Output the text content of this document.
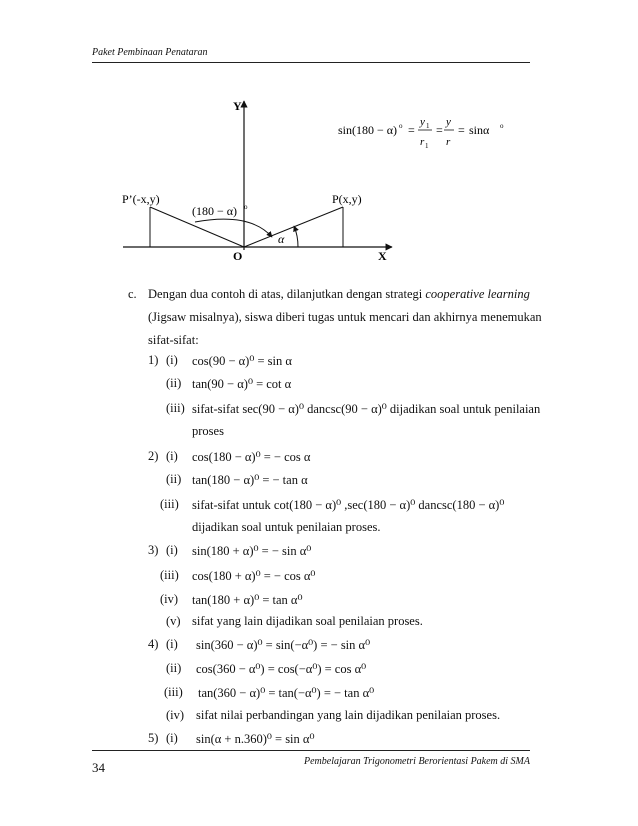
Paket Pembinaan Penataran
Y
X
O
P(x,y)
P’(-x,y)
α
(180 − α) o
sin(180 − α) o =
y 1
r 1
=
y
r
= sinα o
c. Dengan dua contoh di atas, dilanjutkan dengan strategi cooperative learning
(Jigsaw misalnya), siswa diberi tugas untuk mencari dan akhirnya menemukan
sifat-sifat:
1) (i) cos(90 − α)⁰ = sin α
(ii) tan(90 − α)⁰ = cot α
(iii) sifat-sifat sec(90 − α)⁰ dancsc(90 − α)⁰ dijadikan soal untuk penilaian
proses
2) (i) cos(180 − α)⁰ = − cos α
(ii) tan(180 − α)⁰ = − tan α
(iii) sifat-sifat untuk cot(180 − α)⁰ ,sec(180 − α)⁰ dancsc(180 − α)⁰
dijadikan soal untuk penilaian proses.
3) (i) sin(180 + α)⁰ = − sin α⁰
(iii) cos(180 + α)⁰ = − cos α⁰
(iv) tan(180 + α)⁰ = tan α⁰
(v) sifat yang lain dijadikan soal penilaian proses.
4) (i) sin(360 − α)⁰ = sin(−α⁰) = − sin α⁰
(ii) cos(360 − α⁰) = cos(−α⁰) = cos α⁰
(iii) tan(360 − α)⁰ = tan(−α⁰) = − tan α⁰
(iv) sifat nilai perbandingan yang lain dijadikan penilaian proses.
5) (i) sin(α + n.360)⁰ = sin α⁰
34	Pembelajaran Trigonometri Berorientasi Pakem di SMA
